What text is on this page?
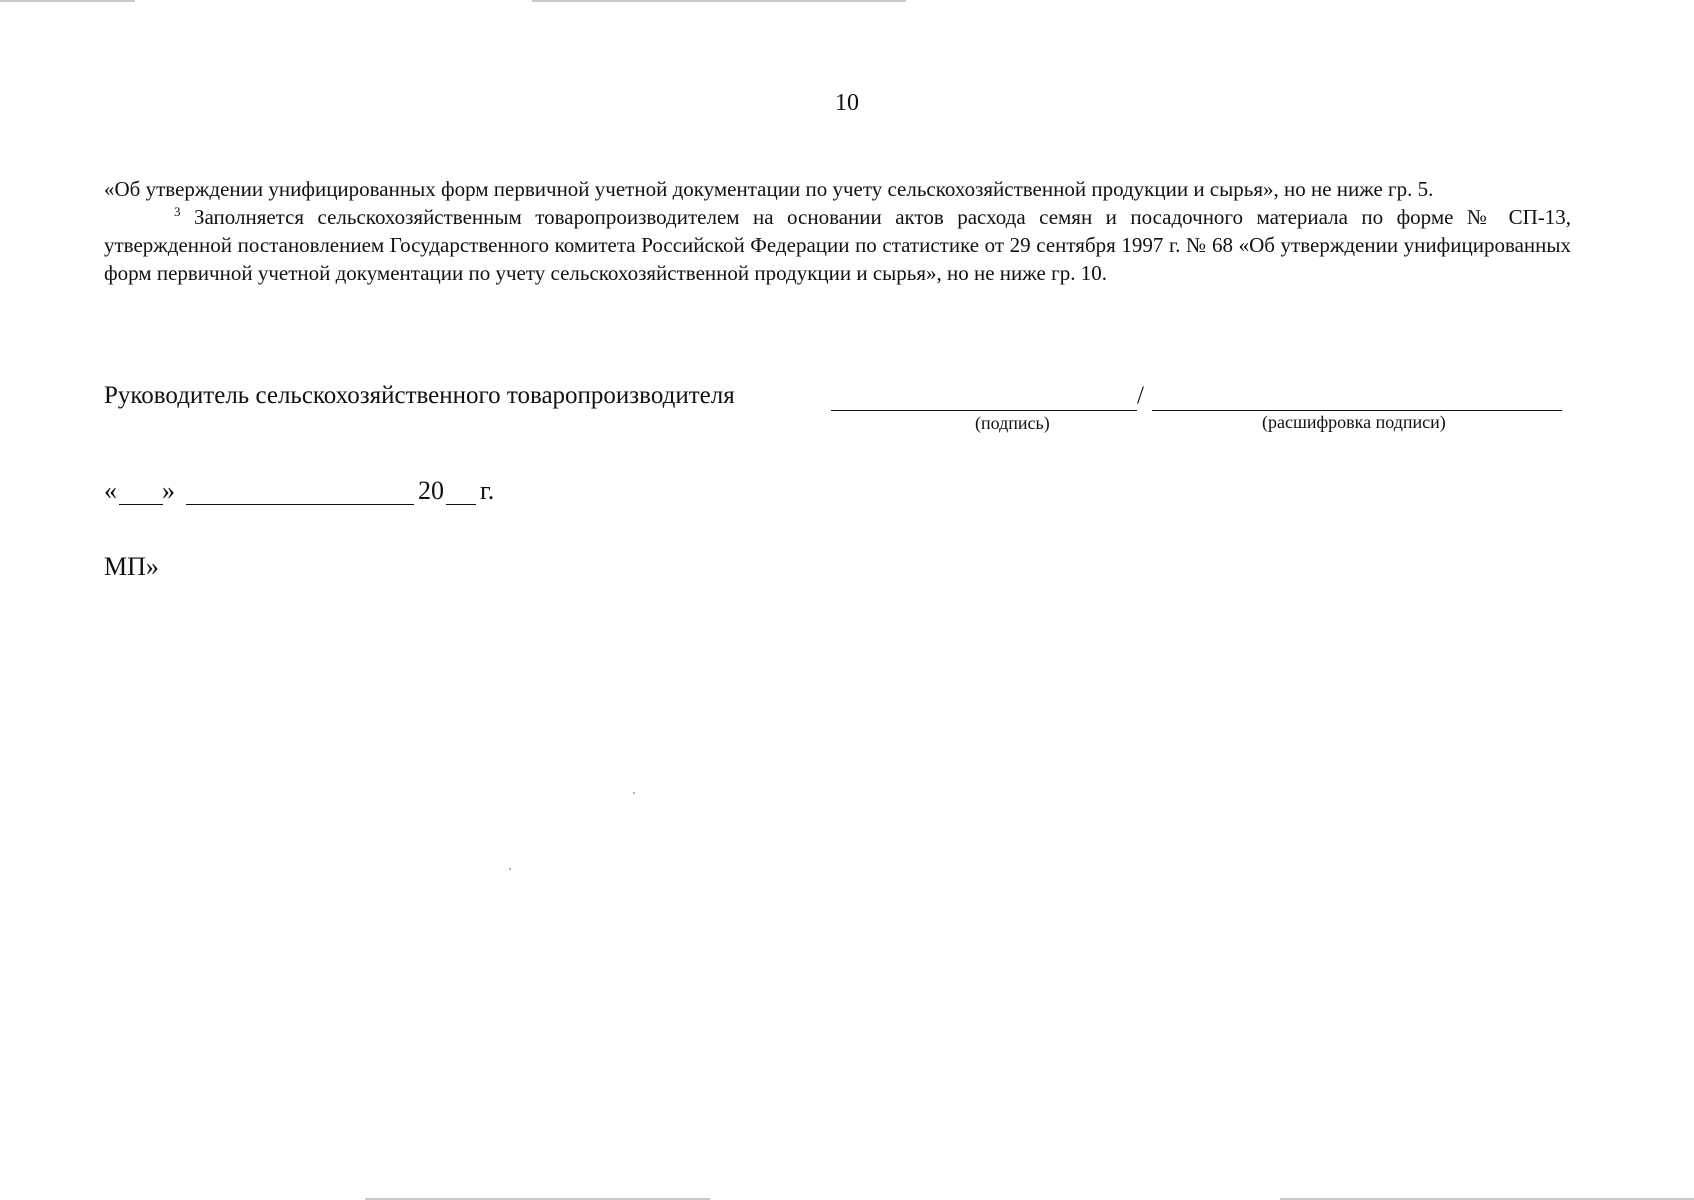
10

«Об утверждении унифицированных форм первичной учетной документации по учету сельскохозяйственной продукции и сырья», но не ниже гр. 5.

$^3$ Заполняется сельскохозяйственным товаропроизводителем на основании актов расхода семян и посадочного материала по форме № СП-13, утвержденной постановлением Государственного комитета Российской Федерации по статистике от 29 сентября 1997 г. № 68 «Об утверждении унифицированных форм первичной учетной документации по учету сельскохозяйственной продукции и сырья», но не ниже гр. 10.

Руководитель сельскохозяйственного товаропроизводителя	/
(подпись)	(расшифровка подписи)
« »	20 г.
МП»
